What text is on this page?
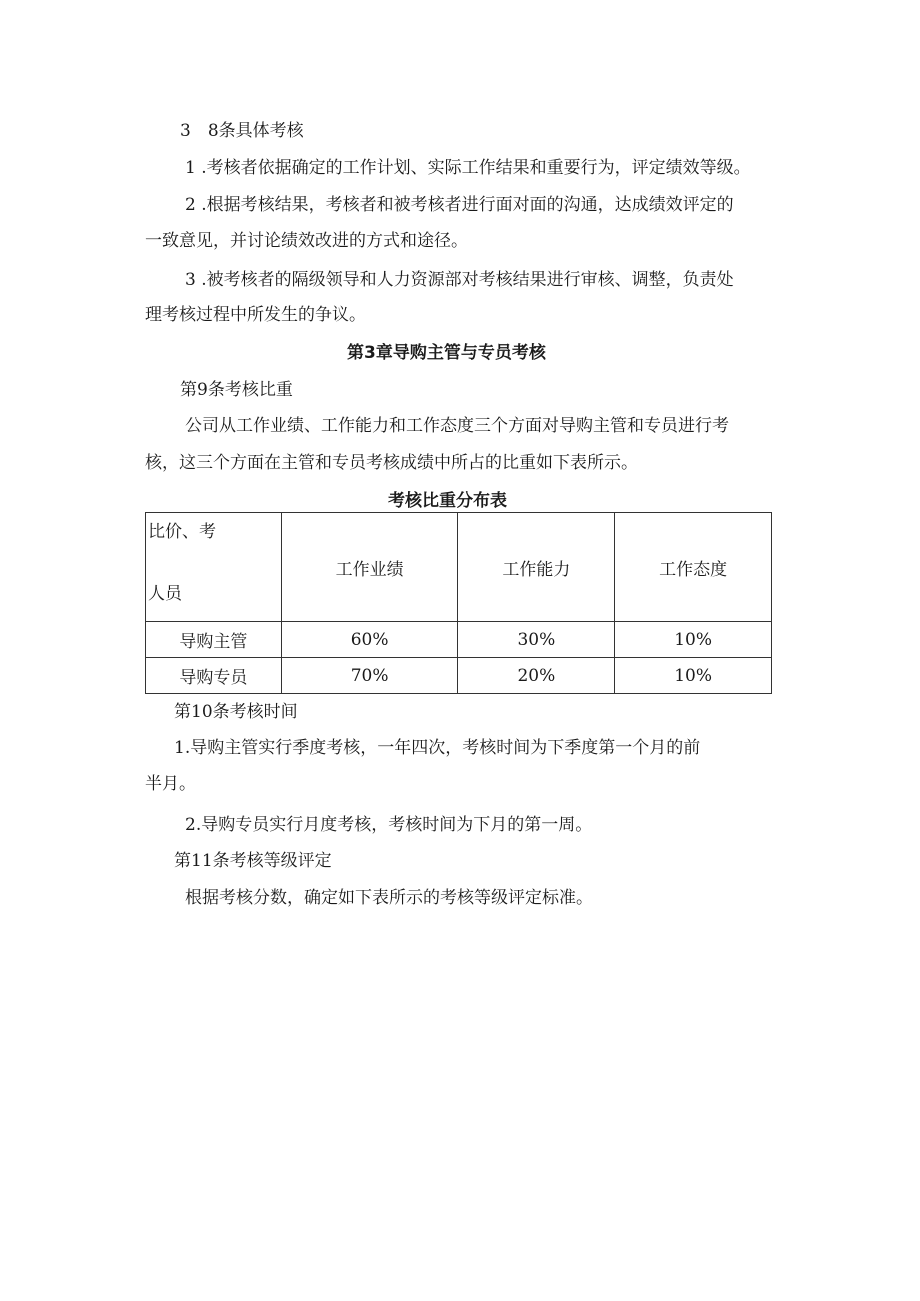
3　8条具体考核
1 .考核者依据确定的工作计划、实际工作结果和重要行为，评定绩效等级。
2 .根据考核结果，考核者和被考核者进行面对面的沟通，达成绩效评定的
一致意见，并讨论绩效改进的方式和途径。
3 .被考核者的隔级领导和人力资源部对考核结果进行审核、调整，负责处
理考核过程中所发生的争议。
第3章导购主管与专员考核
第9条考核比重
公司从工作业绩、工作能力和工作态度三个方面对导购主管和专员进行考
核，这三个方面在主管和专员考核成绩中所占的比重如下表所示。
考核比重分布表
比价、考
人员	工作业绩	工作能力	工作态度
导购主管	60%	30%	10%
导购专员	70%	20%	10%
第10条考核时间
1.导购主管实行季度考核，一年四次，考核时间为下季度第一个月的前
半月。
2.导购专员实行月度考核，考核时间为下月的第一周。
第11条考核等级评定
根据考核分数，确定如下表所示的考核等级评定标准。
